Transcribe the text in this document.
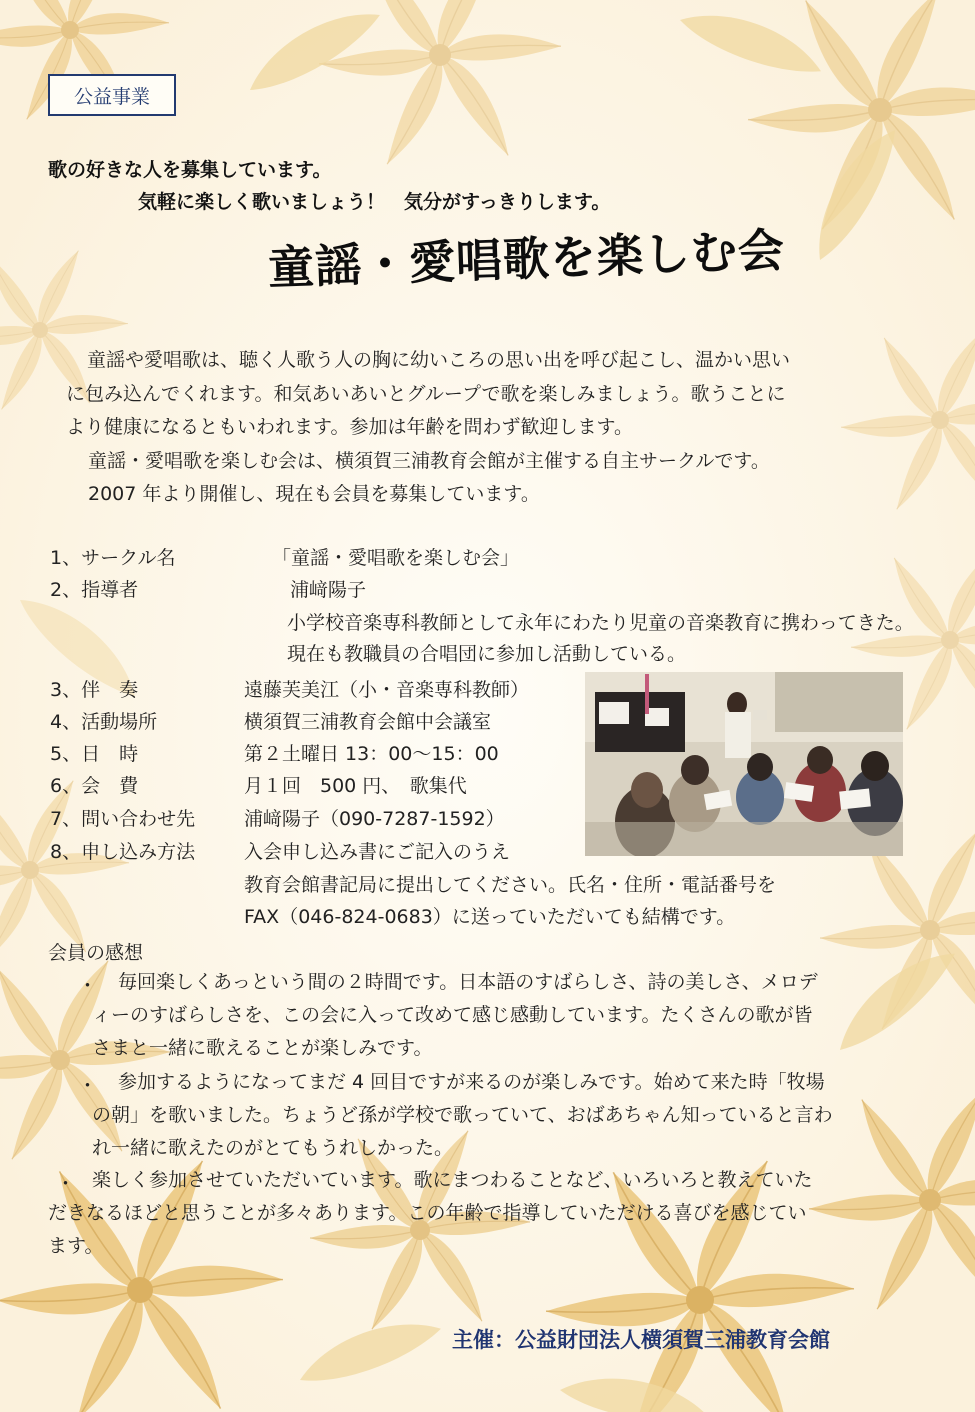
公益事業
歌の好きな人を募集しています。
気軽に楽しく歌いましょう！　気分がすっきりします。
童謡・愛唱歌を楽しむ会

童謡や愛唱歌は、聴く人歌う人の胸に幼いころの思い出を呼び起こし、温かい思い

に包み込んでくれます。和気あいあいとグループで歌を楽しみましょう。歌うことに

より健康になるともいわれます。参加は年齢を問わず歓迎します。

童謡・愛唱歌を楽しむ会は、横須賀三浦教育会館が主催する自主サークルです。

2007 年より開催し、現在も会員を募集しています。

1、サークル名	「童謡・愛唱歌を楽しむ会」
2、指導者	浦﨑陽子
小学校音楽専科教師として永年にわたり児童の音楽教育に携わってきた。現在も教職員の合唱団に参加し活動している。
3、伴　奏	遠藤芙美江（小・音楽専科教師）
4、活動場所	横須賀三浦教育会館中会議室
5、日　時	第２土曜日 13：00～15：00
6、会　費	月１回　500 円、　歌集代
7、問い合わせ先	浦﨑陽子（090-7287-1592）
8、申し込み方法	入会申し込み書にご記入のうえ
教育会館書記局に提出してください。氏名・住所・電話番号を
FAX（046-824-0683）に送っていただいても結構です。
会員の感想
・ 毎回楽しくあっという間の２時間です。日本語のすばらしさ、詩の美しさ、メロデ
ィーのすばらしさを、この会に入って改めて感じ感動しています。たくさんの歌が皆
さまと一緒に歌えることが楽しみです。
・ 参加するようになってまだ 4 回目ですが来るのが楽しみです。始めて来た時「牧場
の朝」を歌いました。ちょうど孫が学校で歌っていて、おばあちゃん知っていると言わ
れ一緒に歌えたのがとてもうれしかった。
・ 楽しく参加させていただいています。歌にまつわることなど、いろいろと教えていた
だきなるほどと思うことが多々あります。この年齢で指導していただける喜びを感じてい
ます。
主催：公益財団法人横須賀三浦教育会館
